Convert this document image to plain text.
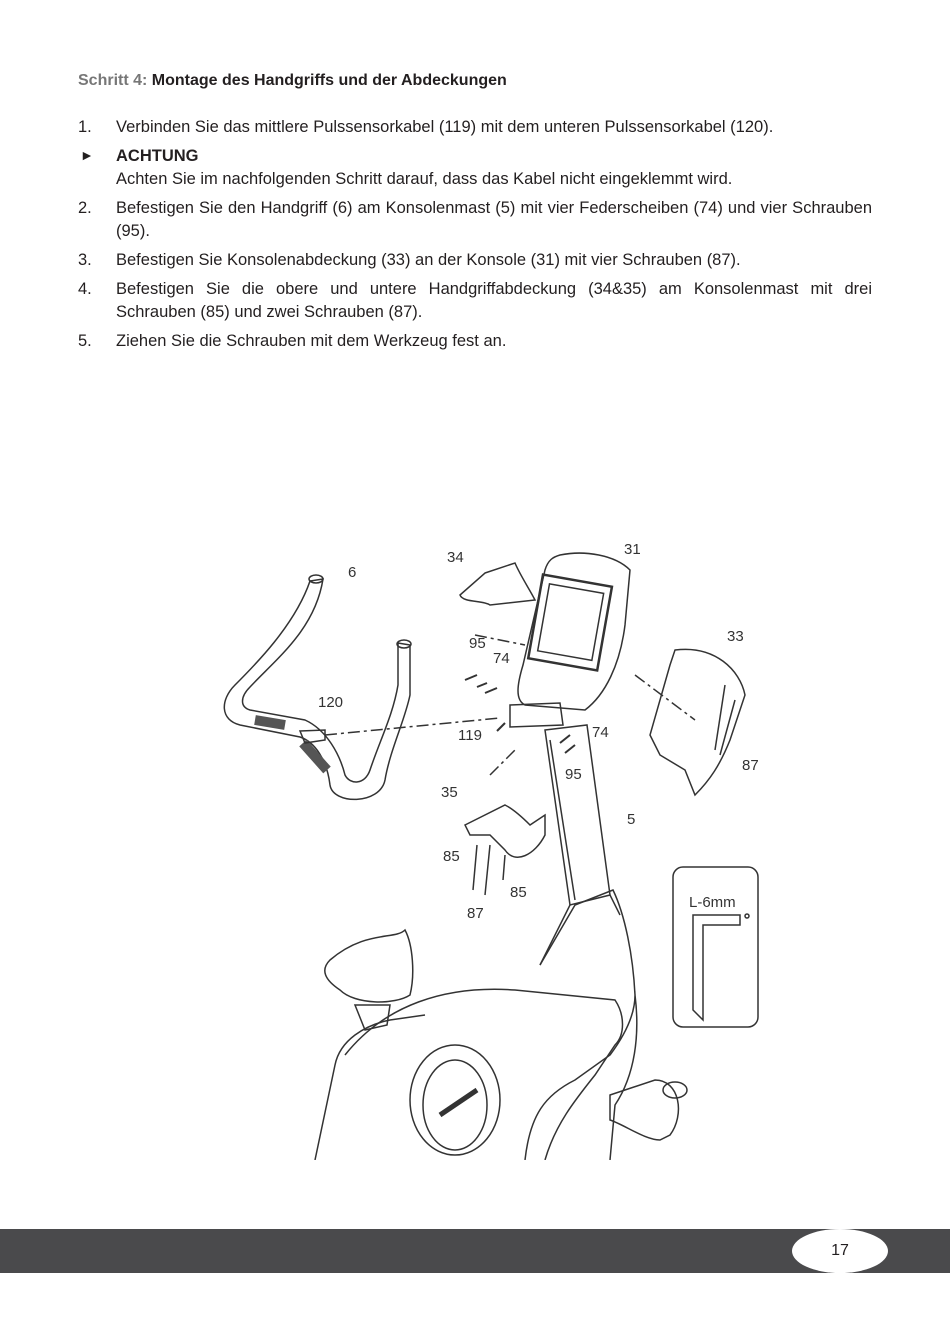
Schritt 4: Montage des Handgriffs und der Abdeckungen
1. Verbinden Sie das mittlere Pulssensorkabel (119) mit dem unteren Pulssensorkabel (120).
► ACHTUNG
Achten Sie im nachfolgenden Schritt darauf, dass das Kabel nicht eingeklemmt wird.
2. Befestigen Sie den Handgriff (6) am Konsolenmast (5) mit vier Federscheiben (74) und vier Schrauben (95).
3. Befestigen Sie Konsolenabdeckung (33) an der Konsole (31) mit vier Schrauben (87).
4. Befestigen Sie die obere und untere Handgriffabdeckung (34&35) am Konsolenmast mit drei Schrauben (85) und zwei Schrauben (87).
5. Ziehen Sie die Schrauben mit dem Werkzeug fest an.
6
34	31
33
95
74
120
119	74
95
87
35
85
85
87
5
L-6mm
17
